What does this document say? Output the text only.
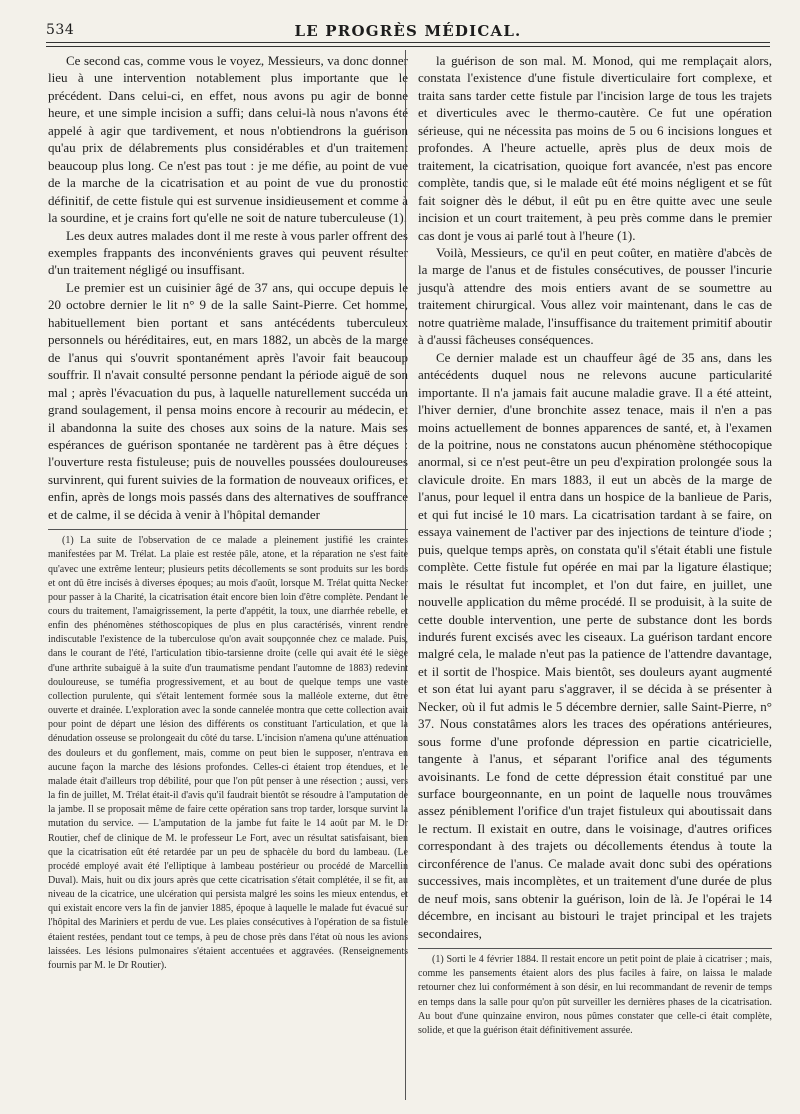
534	LE PROGRÈS MÉDICAL.

Ce second cas, comme vous le voyez, Messieurs, va donc donner lieu à une intervention notablement plus importante que le précédent. Dans celui-ci, en effet, nous avons pu agir de bonne heure, et une simple incision a suffi; dans celui-là nous n'avons été appelé à agir que tardivement, et nous n'obtiendrons la guérison qu'au prix de délabrements plus considérables et d'un traitement beaucoup plus long. Ce n'est pas tout : je me défie, au point de vue de la marche de la cicatrisation et au point de vue du pronostic définitif, de cette fistule qui est survenue insidieusement et comme à la sourdine, et je crains fort qu'elle ne soit de nature tuberculeuse (1).

Les deux autres malades dont il me reste à vous parler offrent des exemples frappants des inconvénients graves qui peuvent résulter d'un traitement négligé ou insuffisant.

Le premier est un cuisinier âgé de 37 ans, qui occupe depuis le 20 octobre dernier le lit n° 9 de la salle Saint-Pierre. Cet homme, habituellement bien portant et sans antécédents tuberculeux personnels ou héréditaires, eut, en mars 1882, un abcès de la marge de l'anus qui s'ouvrit spontanément après l'avoir fait beaucoup souffrir. Il n'avait consulté personne pendant la période aiguë de son mal ; après l'évacuation du pus, à laquelle naturellement succéda un grand soulagement, il pensa moins encore à recourir au médecin, et il abandonna la suite des choses aux soins de la nature. Mais ses espérances de guérison spontanée ne tardèrent pas à être déçues : l'ouverture resta fistuleuse; puis de nouvelles poussées douloureuses survinrent, qui furent suivies de la formation de nouveaux orifices, et enfin, après de longs mois passés dans des alternatives de souffrance et de calme, il se décida à venir à l'hôpital demander

(1) La suite de l'observation de ce malade a pleinement justifié les craintes manifestées par M. Trélat. La plaie est restée pâle, atone, et la réparation ne s'est faite qu'avec une extrême lenteur; plusieurs petits décollements se sont produits sur les bords et ont dû être incisés à diverses époques; au mois d'août, lorsque M. Trélat quitta Necker pour passer à la Charité, la cicatrisation était encore bien loin d'être complète. Pendant le cours du traitement, l'amaigrissement, la perte d'appétit, la toux, une diarrhée rebelle, et enfin des phénomènes stéthoscopiques de plus en plus caractérisés, vinrent rendre indiscutable l'existence de la tuberculose qu'on avait soupçonnée chez ce malade. Puis, dans le courant de l'été, l'articulation tibio-tarsienne droite (celle qui avait été le siège d'une arthrite subaiguë à la suite d'un traumatisme pendant l'automne de 1883) redevint douloureuse, se tuméfia progressivement, et au bout de quelque temps une vaste collection purulente, qui s'était lentement formée sous la malléole externe, dut être ouverte et drainée. L'exploration avec la sonde cannelée montra que cette collection avait pour point de départ une lésion des différents os constituant l'articulation, et que la dénudation osseuse se prolongeait du côté du tarse. L'incision n'amena qu'une atténuation des douleurs et du gonflement, mais, comme on peut bien le supposer, n'entrava en aucune façon la marche des lésions profondes. Celles-ci étaient trop étendues, et le malade était d'ailleurs trop débilité, pour que l'on pût penser à une résection ; aussi, vers la fin de juillet, M. Trélat était-il d'avis qu'il faudrait bientôt se résoudre à l'amputation de la jambe. Il se proposait même de faire cette opération sans trop tarder, lorsque survint la mutation du service. — L'amputation de la jambe fut faite le 14 août par M. le Dr Routier, chef de clinique de M. le professeur Le Fort, avec un résultat satisfaisant, bien que la cicatrisation eût été retardée par un peu de sphacèle du bord du lambeau. (Le procédé employé avait été l'elliptique à lambeau postérieur ou procédé de Marcellin Duval). Mais, huit ou dix jours après que cette cicatrisation s'était complétée, il se fit, au niveau de la cicatrice, une ulcération qui persista malgré les soins les mieux entendus, et qui existait encore vers la fin de janvier 1885, époque à laquelle le malade fut évacué sur l'hôpital des Mariniers et perdu de vue. Les plaies consécutives à l'opération de sa fistule étaient restées, pendant tout ce temps, à peu de chose près dans l'état où nous les avions laissées. Les lésions pulmonaires s'étaient accentuées et aggravées. (Renseignements fournis par M. le Dr Routier).

la guérison de son mal. M. Monod, qui me remplaçait alors, constata l'existence d'une fistule diverticulaire fort complexe, et traita sans tarder cette fistule par l'incision large de tous les trajets et diverticules avec le thermo-cautère. Ce fut une opération sérieuse, qui ne nécessita pas moins de 5 ou 6 incisions longues et profondes. A l'heure actuelle, après plus de deux mois de traitement, la cicatrisation, quoique fort avancée, n'est pas encore complète, tandis que, si le malade eût été moins négligent et se fût fait soigner dès le début, il eût pu en être quitte avec une seule incision et un court traitement, à peu près comme dans le premier cas dont je vous ai parlé tout à l'heure (1).

Voilà, Messieurs, ce qu'il en peut coûter, en matière d'abcès de la marge de l'anus et de fistules consécutives, de pousser l'incurie jusqu'à attendre des mois entiers avant de se soumettre au traitement chirurgical. Vous allez voir maintenant, dans le cas de notre quatrième malade, l'insuffisance du traitement primitif aboutir à d'aussi fâcheuses conséquences.

Ce dernier malade est un chauffeur âgé de 35 ans, dans les antécédents duquel nous ne relevons aucune particularité importante. Il n'a jamais fait aucune maladie grave. Il a été atteint, l'hiver dernier, d'une bronchite assez tenace, mais il n'en a pas moins actuellement de bonnes apparences de santé, et, à l'examen de la poitrine, nous ne constatons aucun phénomène stéthocopique anormal, si ce n'est peut-être un peu d'expiration prolongée sous la clavicule droite. En mars 1883, il eut un abcès de la marge de l'anus, pour lequel il entra dans un hospice de la banlieue de Paris, et qui fut incisé le 10 mars. La cicatrisation tardant à se faire, on essaya vainement de l'activer par des injections de teinture d'iode ; puis, quelque temps après, on constata qu'il s'était établi une fistule complète. Cette fistule fut opérée en mai par la ligature élastique; mais le résultat fut incomplet, et l'on dut faire, en juillet, une nouvelle application du même procédé. Il se produisit, à la suite de cette double intervention, une perte de substance dont les bords indurés furent excisés avec les ciseaux. La guérison tardant encore malgré cela, le malade n'eut pas la patience de l'attendre davantage, et il sortit de l'hospice. Mais bientôt, ses douleurs ayant augmenté et son état lui ayant paru s'aggraver, il se décida à se présenter à Necker, où il fut admis le 5 décembre dernier, salle Saint-Pierre, n° 37. Nous constatâmes alors les traces des opérations antérieures, sous forme d'une profonde dépression en partie cicatricielle, tangente à l'anus, et séparant l'orifice anal des téguments avoisinants. Le fond de cette dépression était constitué par une surface bourgeonnante, en un point de laquelle nous trouvâmes assez péniblement l'orifice d'un trajet fistuleux qui aboutissait dans le rectum. Il existait en outre, dans le voisinage, d'autres orifices correspondant à des trajets ou décollements étendus à toute la circonférence de l'anus. Ce malade avait donc subi des opérations successives, mais incomplètes, et un traitement d'une durée de plus de neuf mois, sans obtenir la guérison, loin de là. Je l'opérai le 14 décembre, en incisant au bistouri le trajet principal et les trajets secondaires,

(1) Sorti le 4 février 1884. Il restait encore un petit point de plaie à cicatriser ; mais, comme les pansements étaient alors des plus faciles à faire, on laissa le malade retourner chez lui conformément à son désir, en lui recommandant de revenir de temps en temps dans la salle pour qu'on pût surveiller les dernières phases de la cicatrisation. Au bout d'une quinzaine environ, nous pûmes constater que celle-ci était complète, solide, et que la guérison était définitivement assurée.
